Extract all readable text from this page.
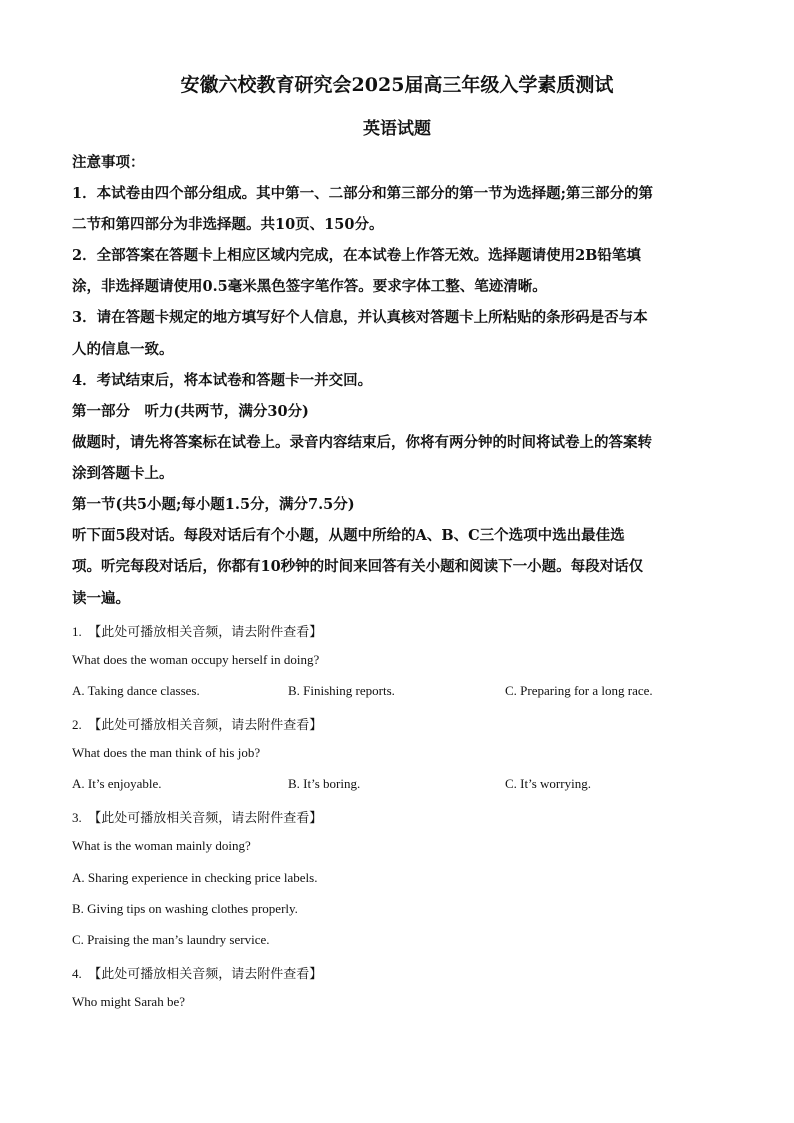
安徽六校教育研究会2025届高三年级入学素质测试
英语试题
注意事项：
1．本试卷由四个部分组成。其中第一、二部分和第三部分的第一节为选择题;第三部分的第
二节和第四部分为非选择题。共10页、150分。
2．全部答案在答题卡上相应区域内完成，在本试卷上作答无效。选择题请使用2B铅笔填
涂，非选择题请使用0.5毫米黑色签字笔作答。要求字体工整、笔迹清晰。
3．请在答题卡规定的地方填写好个人信息，并认真核对答题卡上所粘贴的条形码是否与本
人的信息一致。
4．考试结束后，将本试卷和答题卡一并交回。
第一部分　听力(共两节，满分30分)
做题时，请先将答案标在试卷上。录音内容结束后，你将有两分钟的时间将试卷上的答案转
涂到答题卡上。
第一节(共5小题;每小题1.5分，满分7.5分)
听下面5段对话。每段对话后有个小题，从题中所给的A、B、C三个选项中选出最佳选
项。听完每段对话后，你都有10秒钟的时间来回答有关小题和阅读下一小题。每段对话仅
读一遍。
1.　【此处可播放相关音频，请去附件查看】
What does the woman occupy herself in doing?
A. Taking dance classes.	B. Finishing reports.	C. Preparing for a long race.
2.　【此处可播放相关音频，请去附件查看】
What does the man think of his job?
A. It’s enjoyable.	B. It’s boring.	C. It’s worrying.
3.　【此处可播放相关音频，请去附件查看】
What is the woman mainly doing?
A. Sharing experience in checking price labels.
B. Giving tips on washing clothes properly.
C. Praising the man’s laundry service.
4.　【此处可播放相关音频，请去附件查看】
Who might Sarah be?
